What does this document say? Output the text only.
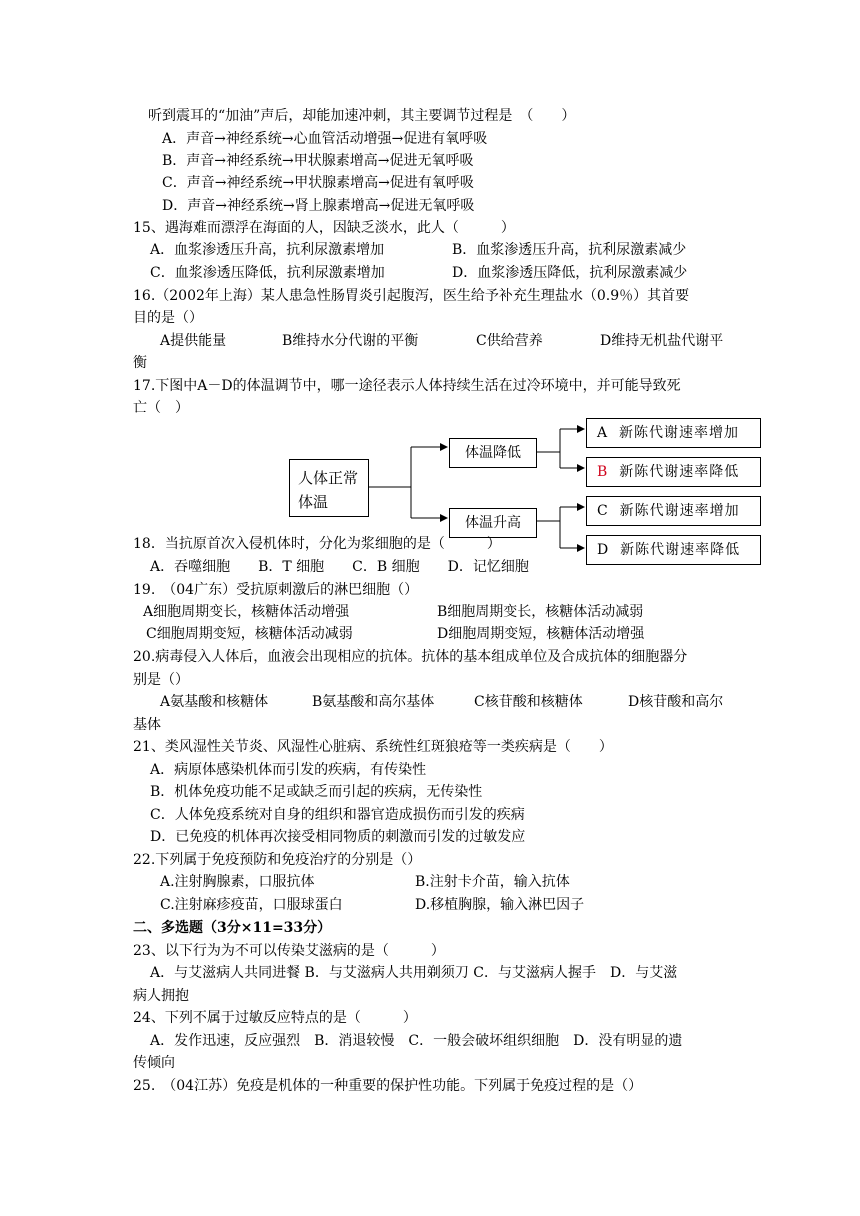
听到震耳的“加油”声后，却能加速冲刺，其主要调节过程是　（　　）
A．声音→神经系统→心血管活动增强→促进有氧呼吸
B．声音→神经系统→甲状腺素增高→促进无氧呼吸
C．声音→神经系统→甲状腺素增高→促进有氧呼吸
D．声音→神经系统→肾上腺素增高→促进无氧呼吸
15、遇海难而漂浮在海面的人，因缺乏淡水，此人（　　　）
A．血浆渗透压升高，抗利尿激素增加	B．血浆渗透压升高，抗利尿激素减少
C．血浆渗透压降低，抗利尿激素增加	D．血浆渗透压降低，抗利尿激素减少
16.（2002年上海）某人患急性肠胃炎引起腹泻，医生给予补充生理盐水（0.9％）其首要
目的是（）
A提供能量	B维持水分代谢的平衡	C供给营养	D维持无机盐代谢平
衡
17.下图中A－D的体温调节中，哪一途径表示人体持续生活在过冷环境中，并可能导致死
亡（　）
人体正常体温
体温降低
体温升高
A 新陈代谢速率增加
B 新陈代谢速率降低
C 新陈代谢速率增加
D 新陈代谢速率降低
18．当抗原首次入侵机体时，分化为浆细胞的是（　　　）
A．吞噬细胞　　B．T 细胞　　C．B 细胞　　D．记忆细胞
19.　（04广东）受抗原刺激后的淋巴细胞（）
A细胞周期变长，核糖体活动增强	B细胞周期变长，核糖体活动减弱
C细胞周期变短，核糖体活动减弱	D细胞周期变短，核糖体活动增强
20.病毒侵入人体后，血液会出现相应的抗体。抗体的基本组成单位及合成抗体的细胞器分
别是（）
A氨基酸和核糖体	B氨基酸和高尔基体	C核苷酸和核糖体	D核苷酸和高尔
基体
21、类风湿性关节炎、风湿性心脏病、系统性红斑狼疮等一类疾病是（　　）
A．病原体感染机体而引发的疾病，有传染性
B．机体免疫功能不足或缺乏而引起的疾病，无传染性
C．人体免疫系统对自身的组织和器官造成损伤而引发的疾病
D．已免疫的机体再次接受相同物质的刺激而引发的过敏发应
22.下列属于免疫预防和免疫治疗的分别是（）
A.注射胸腺素，口服抗体	B.注射卡介苗，输入抗体
C.注射麻疹疫苗，口服球蛋白	D.移植胸腺，输入淋巴因子
二、多选题（3分×11=33分）
23、以下行为为不可以传染艾滋病的是（　　　）
A．与艾滋病人共同进餐 B．与艾滋病人共用剃须刀 C．与艾滋病人握手　D．与艾滋
病人拥抱
24、下列不属于过敏反应特点的是（　　　）
A．发作迅速，反应强烈　B．消退较慢　C．一般会破坏组织细胞　D．没有明显的遗
传倾向
25.　（04江苏）免疫是机体的一种重要的保护性功能。下列属于免疫过程的是（）
